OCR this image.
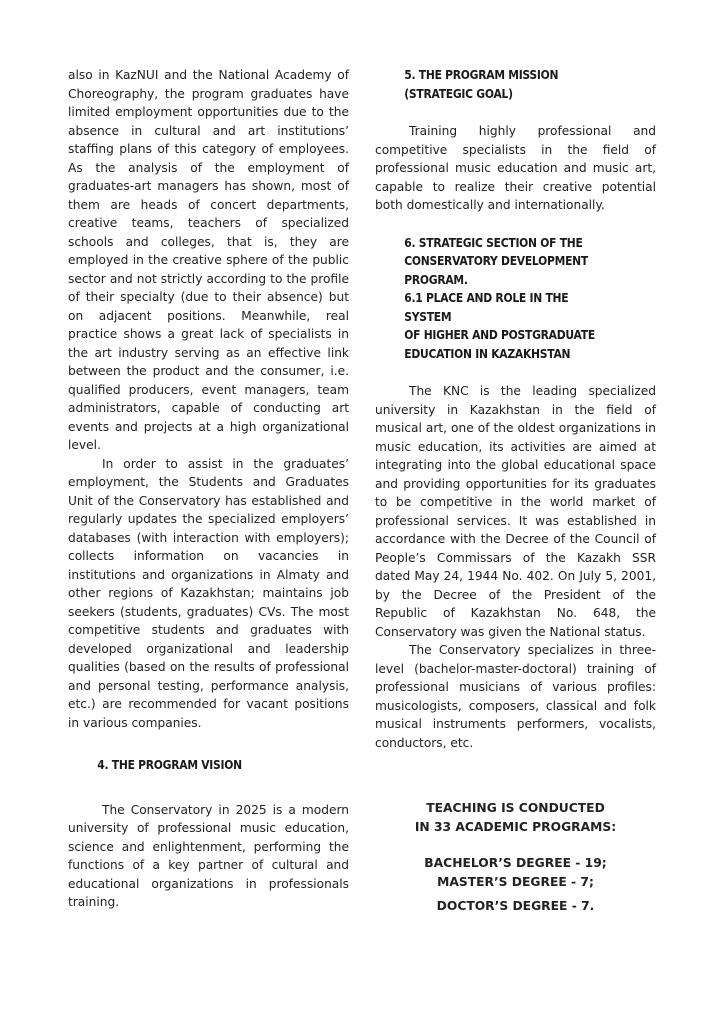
also in KazNUI and the National Academy of Choreography, the program graduates have limited employment opportunities due to the absence in cultural and art institutions’ staffing plans of this category of employees. As the analysis of the employment of graduates-art managers has shown, most of them are heads of concert departments, creative teams, teachers of specialized schools and colleges, that is, they are employed in the creative sphere of the public sector and not strictly according to the profile of their specialty (due to their absence) but on adjacent positions. Meanwhile, real practice shows a great lack of specialists in the art industry serving as an effective link between the product and the consumer, i.e. qualified producers, event managers, team administrators, capable of conducting art events and projects at a high organizational level.

In order to assist in the graduates’ employment, the Students and Graduates Unit of the Conservatory has established and regularly updates the specialized employers’ databases (with interaction with employers); collects information on vacancies in institutions and organizations in Almaty and other regions of Kazakhstan; maintains job seekers (students, graduates) CVs. The most competitive students and graduates with developed organizational and leadership qualities (based on the results of professional and personal testing, performance analysis, etc.) are recommended for vacant positions in various companies.

4. THE PROGRAM VISION

The Conservatory in 2025 is a modern university of professional music education, science and enlightenment, performing the functions of a key partner of cultural and educational organizations in professionals training.

5. THE PROGRAM MISSION
(STRATEGIC GOAL)

Training highly professional and competitive specialists in the field of professional music education and music art, capable to realize their creative potential both domestically and internationally.

6. STRATEGIC SECTION OF THE
CONSERVATORY DEVELOPMENT
PROGRAM.
6.1 PLACE AND ROLE IN THE SYSTEM
OF HIGHER AND POSTGRADUATE
EDUCATION IN KAZAKHSTAN

The KNC is the leading specialized university in Kazakhstan in the field of musical art, one of the oldest organizations in music education, its activities are aimed at integrating into the global educational space and providing opportunities for its graduates to be competitive in the world market of professional services. It was established in accordance with the Decree of the Council of People’s Commissars of the Kazakh SSR dated May 24, 1944 No. 402. On July 5, 2001, by the Decree of the President of the Republic of Kazakhstan No. 648, the Conservatory was given the National status.

The Conservatory specializes in three-level (bachelor-master-doctoral) training of professional musicians of various profiles: musicologists, composers, classical and folk musical instruments performers, vocalists, conductors, etc.

TEACHING IS CONDUCTED

IN 33 ACADEMIC PROGRAMS:

BACHELOR’S DEGREE - 19;

MASTER’S DEGREE - 7;

DOCTOR’S DEGREE - 7.
